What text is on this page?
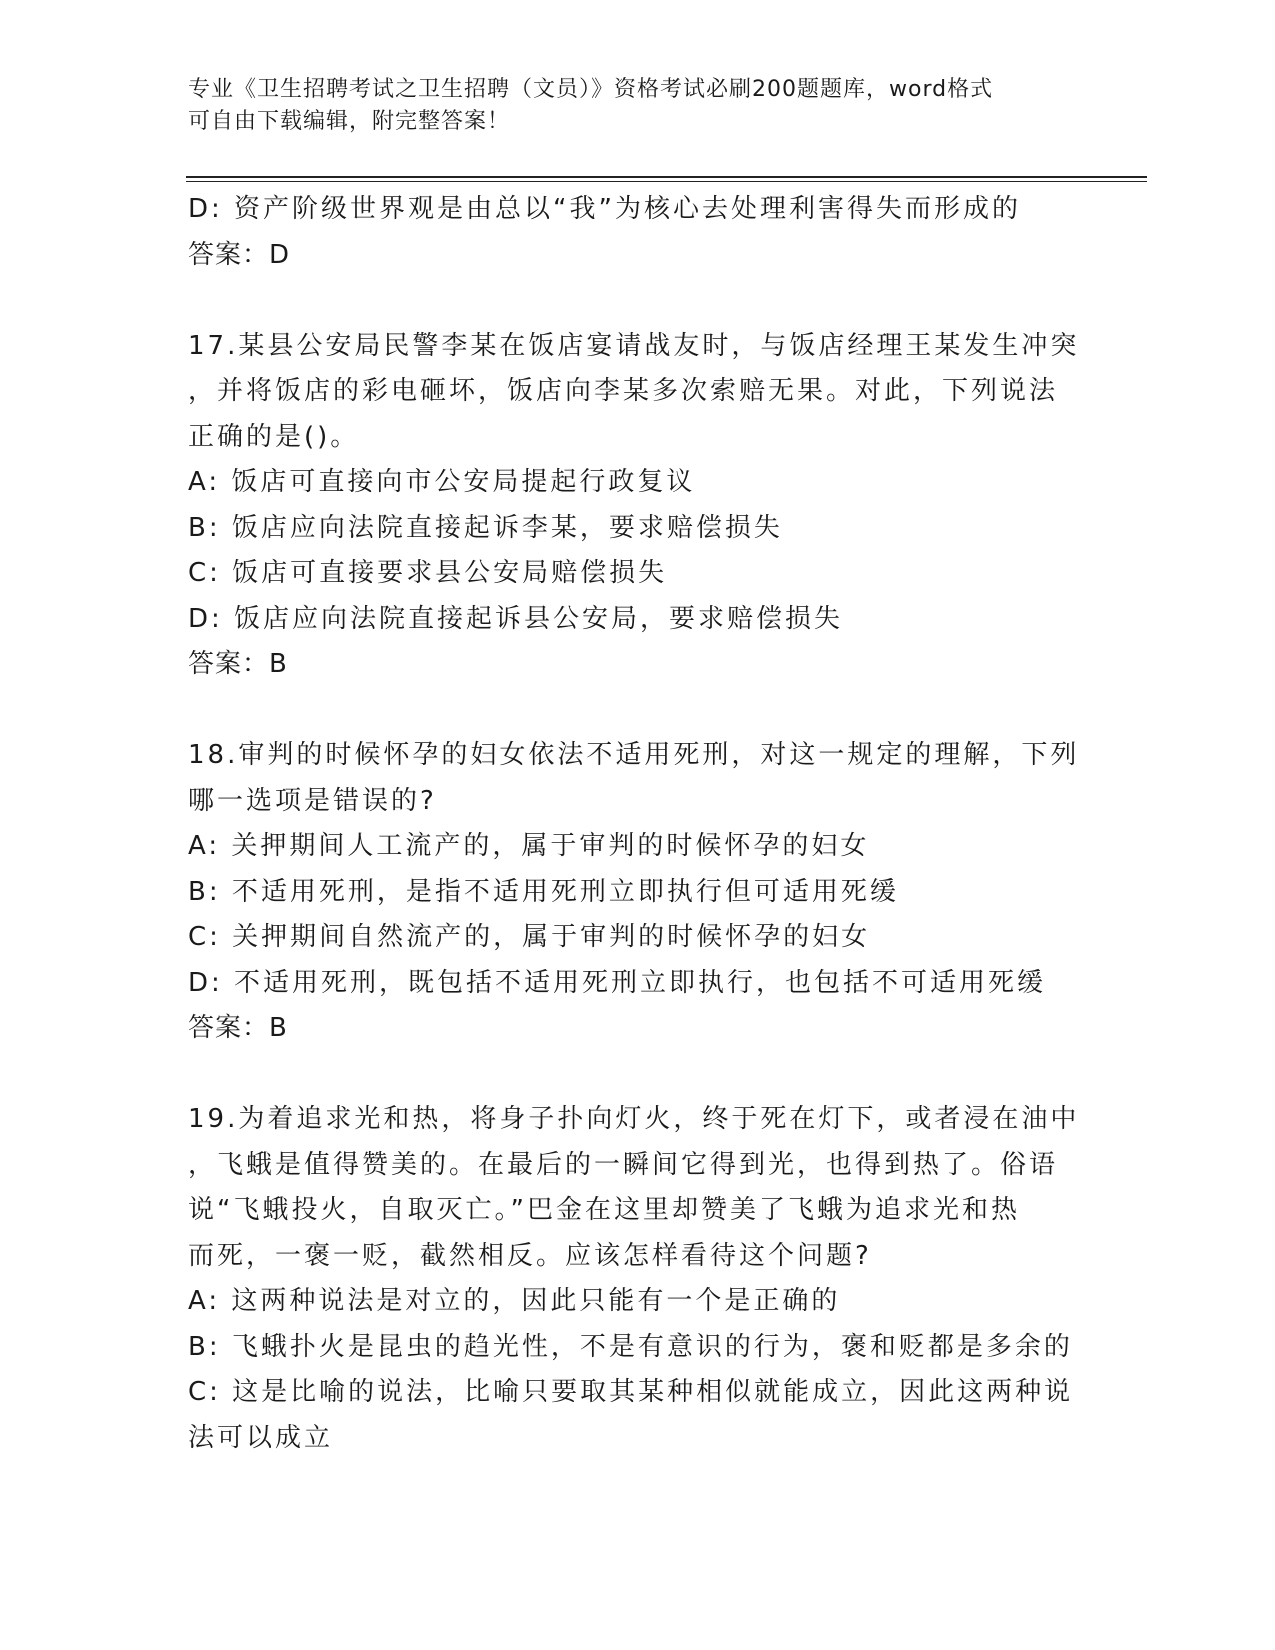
专业《卫生招聘考试之卫生招聘（文员）》资格考试必刷200题题库，word格式
可自由下载编辑，附完整答案！
D: 资产阶级世界观是由总以“我”为核心去处理利害得失而形成的
答案：D
17.某县公安局民警李某在饭店宴请战友时，与饭店经理王某发生冲突
，并将饭店的彩电砸坏，饭店向李某多次索赔无果。对此，下列说法
正确的是()。
A: 饭店可直接向市公安局提起行政复议
B: 饭店应向法院直接起诉李某，要求赔偿损失
C: 饭店可直接要求县公安局赔偿损失
D: 饭店应向法院直接起诉县公安局，要求赔偿损失
答案：B
18.审判的时候怀孕的妇女依法不适用死刑，对这一规定的理解，下列
哪一选项是错误的?
A: 关押期间人工流产的，属于审判的时候怀孕的妇女
B: 不适用死刑，是指不适用死刑立即执行但可适用死缓
C: 关押期间自然流产的，属于审判的时候怀孕的妇女
D: 不适用死刑，既包括不适用死刑立即执行，也包括不可适用死缓
答案：B
19.为着追求光和热，将身子扑向灯火，终于死在灯下，或者浸在油中
，飞蛾是值得赞美的。在最后的一瞬间它得到光，也得到热了。俗语
说“飞蛾投火，自取灭亡。”巴金在这里却赞美了飞蛾为追求光和热
而死，一褒一贬，截然相反。应该怎样看待这个问题?
A: 这两种说法是对立的，因此只能有一个是正确的
B: 飞蛾扑火是昆虫的趋光性，不是有意识的行为，褒和贬都是多余的
C: 这是比喻的说法，比喻只要取其某种相似就能成立，因此这两种说
法可以成立
